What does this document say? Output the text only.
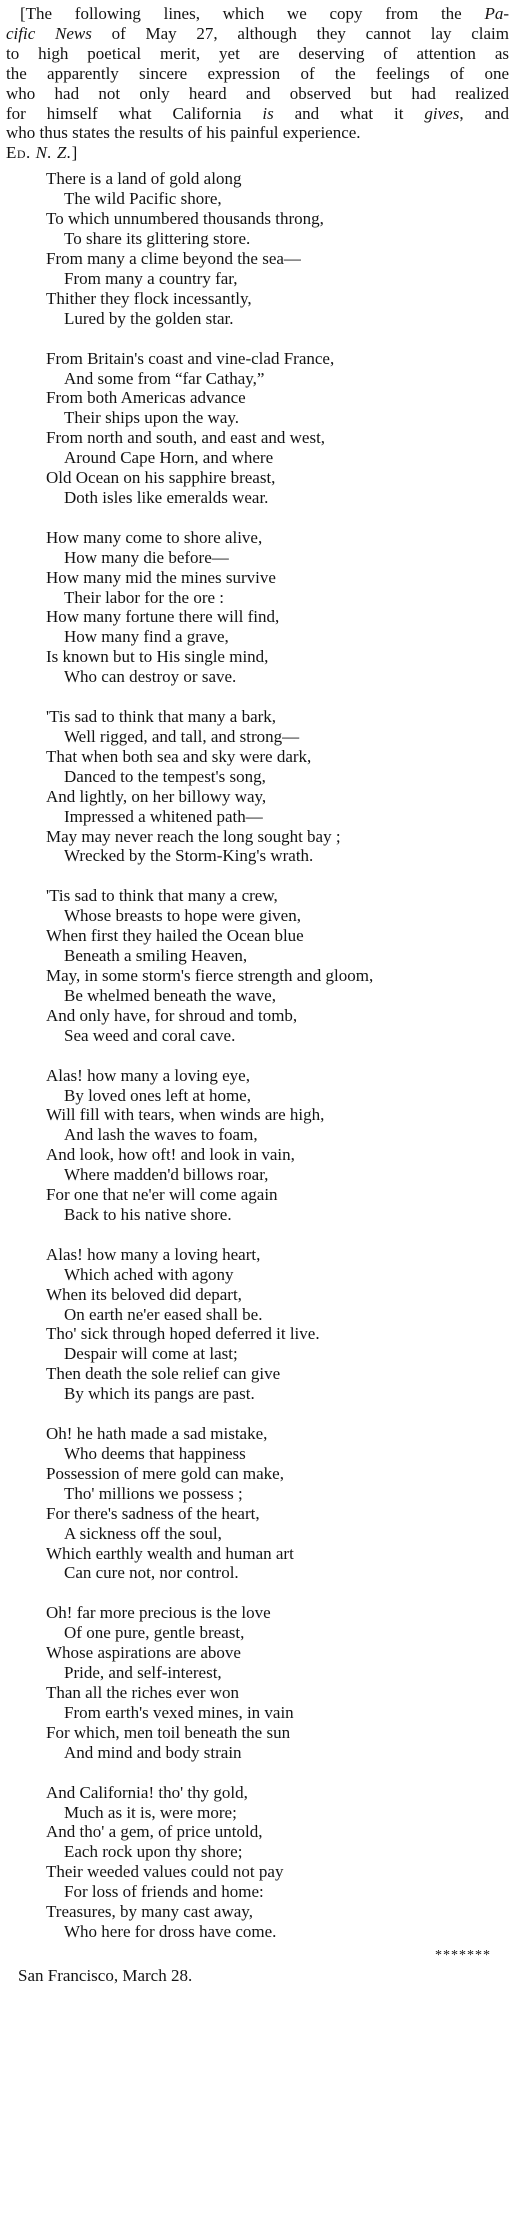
[The following lines, which we copy from the Pa-
cific News of May 27, although they cannot lay claim
to high poetical merit, yet are deserving of attention as
the apparently sincere expression of the feelings of one
who had not only heard and observed but had realized
for himself what California is and what it gives, and
who thus states the results of his painful experience.
Ed. N. Z.]
There is a land of gold along
The wild Pacific shore,
To which unnumbered thousands throng,
To share its glittering store.
From many a clime beyond the sea—
From many a country far,
Thither they flock incessantly,
Lured by the golden star.
From Britain's coast and vine-clad France,
And some from “far Cathay,”
From both Americas advance
Their ships upon the way.
From north and south, and east and west,
Around Cape Horn, and where
Old Ocean on his sapphire breast,
Doth isles like emeralds wear.
How many come to shore alive,
How many die before—
How many mid the mines survive
Their labor for the ore :
How many fortune there will find,
How many find a grave,
Is known but to His single mind,
Who can destroy or save.
'Tis sad to think that many a bark,
Well rigged, and tall, and strong—
That when both sea and sky were dark,
Danced to the tempest's song,
And lightly, on her billowy way,
Impressed a whitened path—
May may never reach the long sought bay ;
Wrecked by the Storm-King's wrath.
'Tis sad to think that many a crew,
Whose breasts to hope were given,
When first they hailed the Ocean blue
Beneath a smiling Heaven,
May, in some storm's fierce strength and gloom,
Be whelmed beneath the wave,
And only have, for shroud and tomb,
Sea weed and coral cave.
Alas! how many a loving eye,
By loved ones left at home,
Will fill with tears, when winds are high,
And lash the waves to foam,
And look, how oft! and look in vain,
Where madden'd billows roar,
For one that ne'er will come again
Back to his native shore.
Alas! how many a loving heart,
Which ached with agony
When its beloved did depart,
On earth ne'er eased shall be.
Tho' sick through hoped deferred it live.
Despair will come at last;
Then death the sole relief can give
By which its pangs are past.
Oh! he hath made a sad mistake,
Who deems that happiness
Possession of mere gold can make,
Tho' millions we possess ;
For there's sadness of the heart,
A sickness off the soul,
Which earthly wealth and human art
Can cure not, nor control.
Oh! far more precious is the love
Of one pure, gentle breast,
Whose aspirations are above
Pride, and self-interest,
Than all the riches ever won
From earth's vexed mines, in vain
For which, men toil beneath the sun
And mind and body strain
And California! tho' thy gold,
Much as it is, were more;
And tho' a gem, of price untold,
Each rock upon thy shore;
Their weeded values could not pay
For loss of friends and home:
Treasures, by many cast away,
Who here for dross have come.
*******
San Francisco, March 28.
